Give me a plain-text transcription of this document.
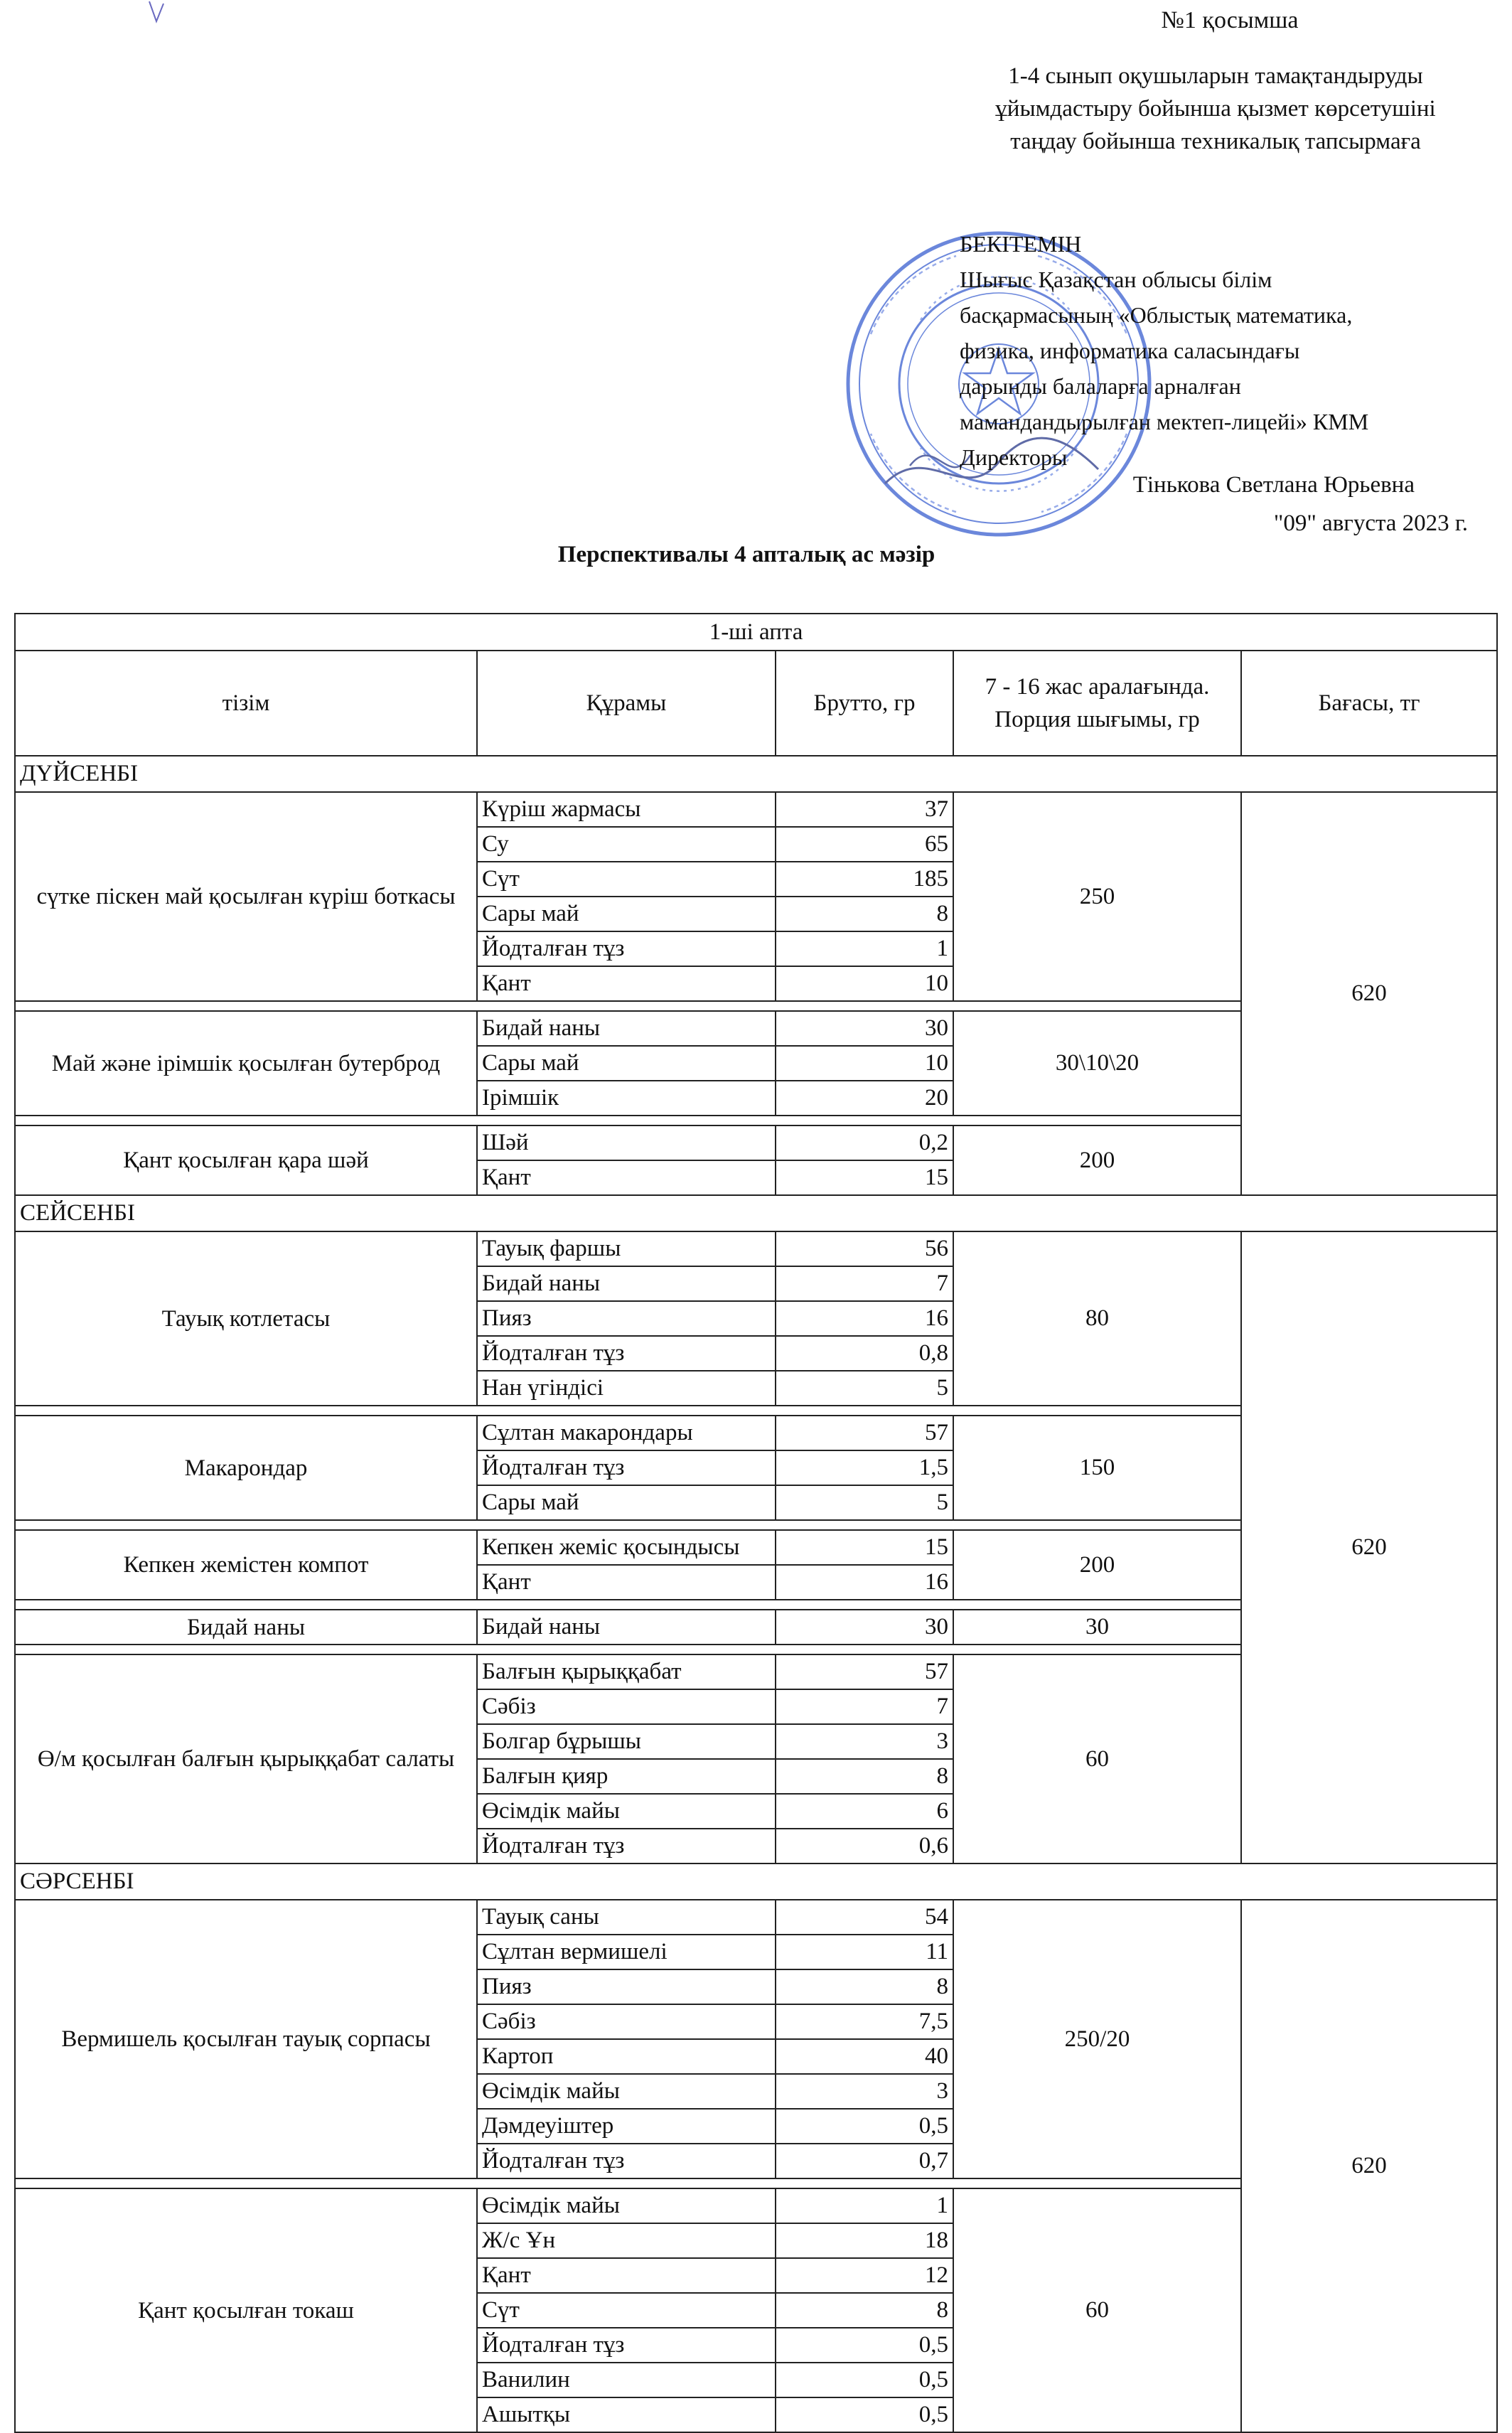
№1 қосымша
1-4 сынып оқушыларын тамақтандыруды
ұйымдастыру бойынша қызмет көрсетушіні
таңдау бойынша техникалық тапсырмаға
БЕКІТЕМІН
Шығыс Қазақстан облысы білім
басқармасының «Облыстық математика,
физика, информатика саласындағы
дарынды балаларға арналған
мамандандырылған мектеп-лицейі» КММ
Директоры
Тінькова Светлана Юрьевна
"09" августа 2023 г.
Перспективалы 4 апталық ас мәзір
1-ші апта				
тізім	Құрамы	Брутто, гр	7 - 16 жас аралағында. Порция шығымы, гр	Бағасы, тг
ДҮЙСЕНБІ				
сүтке піскен май қосылған күріш боткасы	Күріш жармасы	37	250	620
	Су	65		
	Сүт	185		
	Сары май	8		
	Йодталған тұз	1		
	Қант	10		

Май және ірімшік қосылған бутерброд	Бидай наны	30	30\10\20	
	Сары май	10		
	Ірімшік	20		

Қант қосылған қара шәй	Шәй	0,2	200	
	Қант	15		
СЕЙСЕНБІ				
Тауық котлетасы	Тауық фаршы	56	80	620
	Бидай наны	7		
	Пияз	16		
	Йодталған тұз	0,8		
	Нан үгіндісі	5		

Макарондар	Сұлтан макарондары	57	150	
	Йодталған тұз	1,5		
	Сары май	5		

Кепкен жемістен компот	Кепкен жеміс қосындысы	15	200	
	Қант	16		

Бидай наны	Бидай наны	30	30	

Ө/м қосылған балғын қырыққабат салаты	Балғын қырыққабат	57	60	
	Сәбіз	7		
	Болгар бұрышы	3		
	Балғын қияр	8		
	Өсімдік майы	6		
	Йодталған тұз	0,6		
СӘРСЕНБІ				
Вермишель қосылған тауық сорпасы	Тауық саны	54	250/20	620
	Сұлтан вермишелі	11		
	Пияз	8		
	Сәбіз	7,5		
	Картоп	40		
	Өсімдік майы	3		
	Дәмдеуіштер	0,5		
	Йодталған тұз	0,7		

Қант қосылған токаш	Өсімдік майы	1	60	
	Ж/с Ұн	18		
	Қант	12		
	Сүт	8		
	Йодталған тұз	0,5		
	Ванилин	0,5		
	Ашытқы	0,5		
